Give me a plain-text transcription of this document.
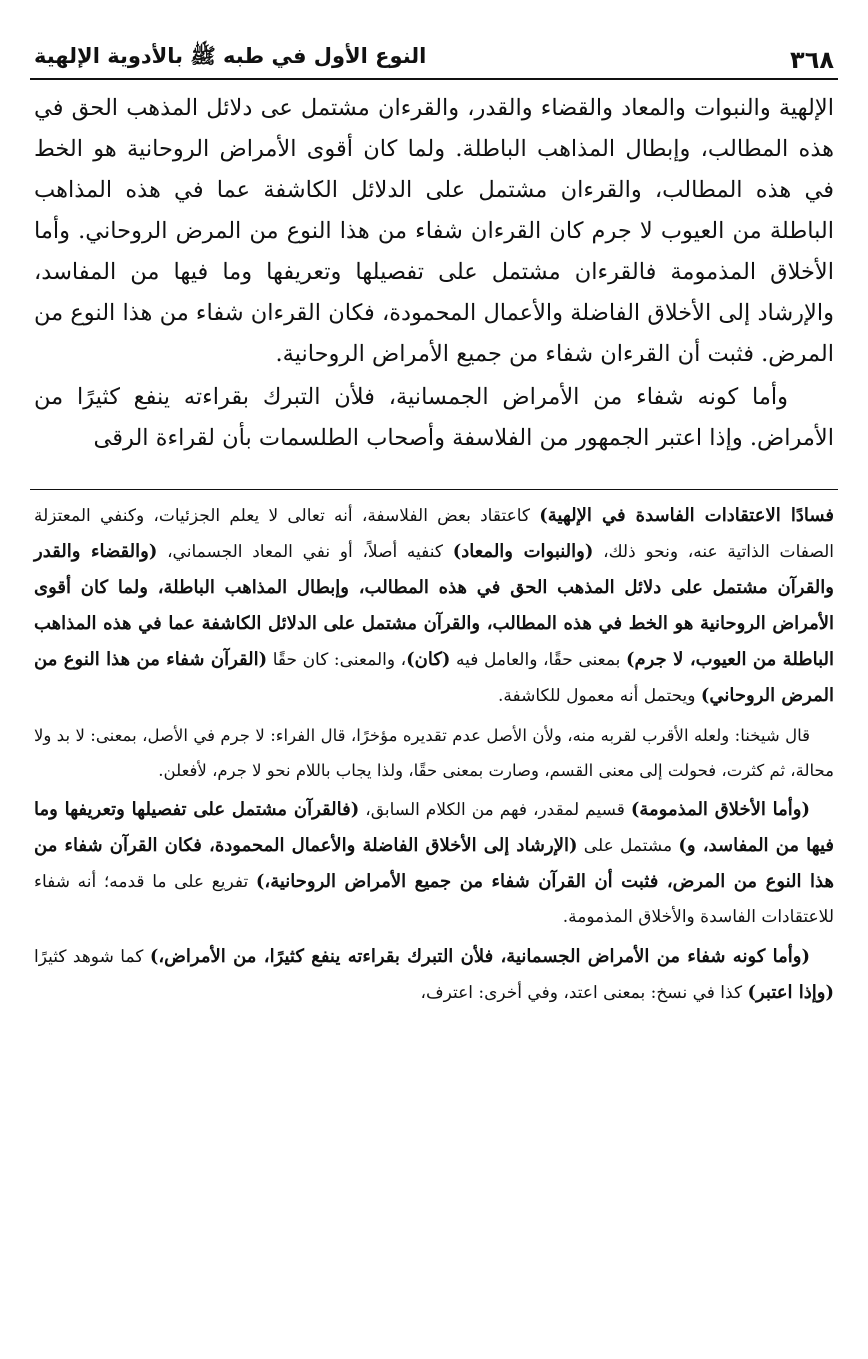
٣٦٨
النوع الأول في طبه ﷺ بالأدوية الإلهية

الإلهية والنبوات والمعاد والقضاء والقدر، والقرءان مشتمل عى دلائل المذهب الحق في هذه المطالب، وإبطال المذاهب الباطلة. ولما كان أقوى الأمراض الروحانية هو الخط في هذه المطالب، والقرءان مشتمل على الدلائل الكاشفة عما في هذه المذاهب الباطلة من العيوب لا جرم كان القرءان شفاء من هذا النوع من المرض الروحاني. وأما الأخلاق المذمومة فالقرءان مشتمل على تفصيلها وتعريفها وما فيها من المفاسد، والإرشاد إلى الأخلاق الفاضلة والأعمال المحمودة، فكان القرءان شفاء من هذا النوع من المرض. فثبت أن القرءان شفاء من جميع الأمراض الروحانية.

وأما كونه شفاء من الأمراض الجمسانية، فلأن التبرك بقراءته ينفع كثيرًا من الأمراض. وإذا اعتبر الجمهور من الفلاسفة وأصحاب الطلسمات بأن لقراءة الرقى

فسادًا الاعتقادات الفاسدة في الإلهية) كاعتقاد بعض الفلاسفة، أنه تعالى لا يعلم الجزئيات، وكنفي المعتزلة الصفات الذاتية عنه، ونحو ذلك، (والنبوات والمعاد) كنفيه أصلاً، أو نفي المعاد الجسماني، (والقضاء والقدر والقرآن مشتمل على دلائل المذهب الحق في هذه المطالب، وإبطال المذاهب الباطلة، ولما كان أقوى الأمراض الروحانية هو الخط في هذه المطالب، والقرآن مشتمل على الدلائل الكاشفة عما في هذه المذاهب الباطلة من العيوب، لا جرم) بمعنى حقًا، والعامل فيه (كان)، والمعنى: كان حقًا (القرآن شفاء من هذا النوع من المرض الروحاني) ويحتمل أنه معمول للكاشفة.

قال شيخنا: ولعله الأقرب لقربه منه، ولأن الأصل عدم تقديره مؤخرًا، قال الفراء: لا جرم في الأصل، بمعنى: لا بد ولا محالة، ثم كثرت، فحولت إلى معنى القسم، وصارت بمعنى حقًا، ولذا يجاب باللام نحو لا جرم، لأفعلن.

(وأما الأخلاق المذمومة) قسيم لمقدر، فهم من الكلام السابق، (فالقرآن مشتمل على تفصيلها وتعريفها وما فيها من المفاسد، و) مشتمل على (الإرشاد إلى الأخلاق الفاضلة والأعمال المحمودة، فكان القرآن شفاء من هذا النوع من المرض، فثبت أن القرآن شفاء من جميع الأمراض الروحانية،) تفريع على ما قدمه؛ أنه شفاء للاعتقادات الفاسدة والأخلاق المذمومة.

(وأما كونه شفاء من الأمراض الجسمانية، فلأن التبرك بقراءته ينفع كثيرًا، من الأمراض،) كما شوهد كثيرًا (وإذا اعتبر) كذا في نسخ: بمعنى اعتد، وفي أخرى: اعترف،
